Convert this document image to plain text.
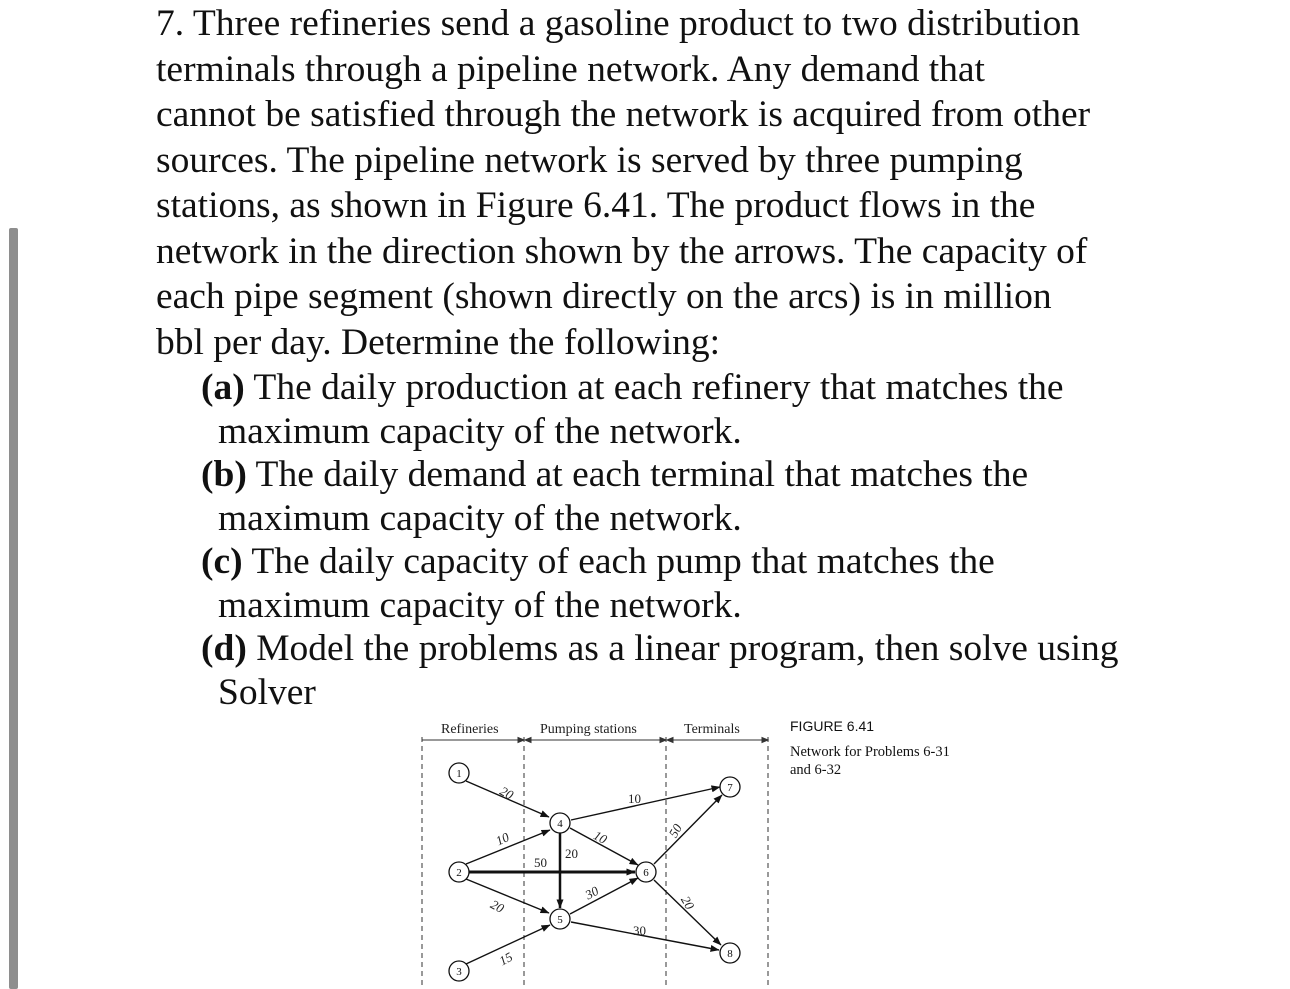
7. Three refineries send a gasoline product to two distribution
terminals through a pipeline network. Any demand that
cannot be satisfied through the network is acquired from other
sources. The pipeline network is served by three pumping
stations, as shown in Figure 6.41. The product flows in the
network in the direction shown by the arrows. The capacity of
each pipe segment (shown directly on the arcs) is in million
bbl per day. Determine the following:
(a) The daily production at each refinery that matches the
maximum capacity of the network.
(b) The daily demand at each terminal that matches the
maximum capacity of the network.
(c) The daily capacity of each pump that matches the
maximum capacity of the network.
(d) Model the problems as a linear program, then solve using
Solver
Refineries	Pumping stations	Terminals
20
10
50
20
15
20
10
10
30
30
50
20
1
2
3
4
5
6
7
8
FIGURE 6.41
Network for Problems 6-31
and 6-32
